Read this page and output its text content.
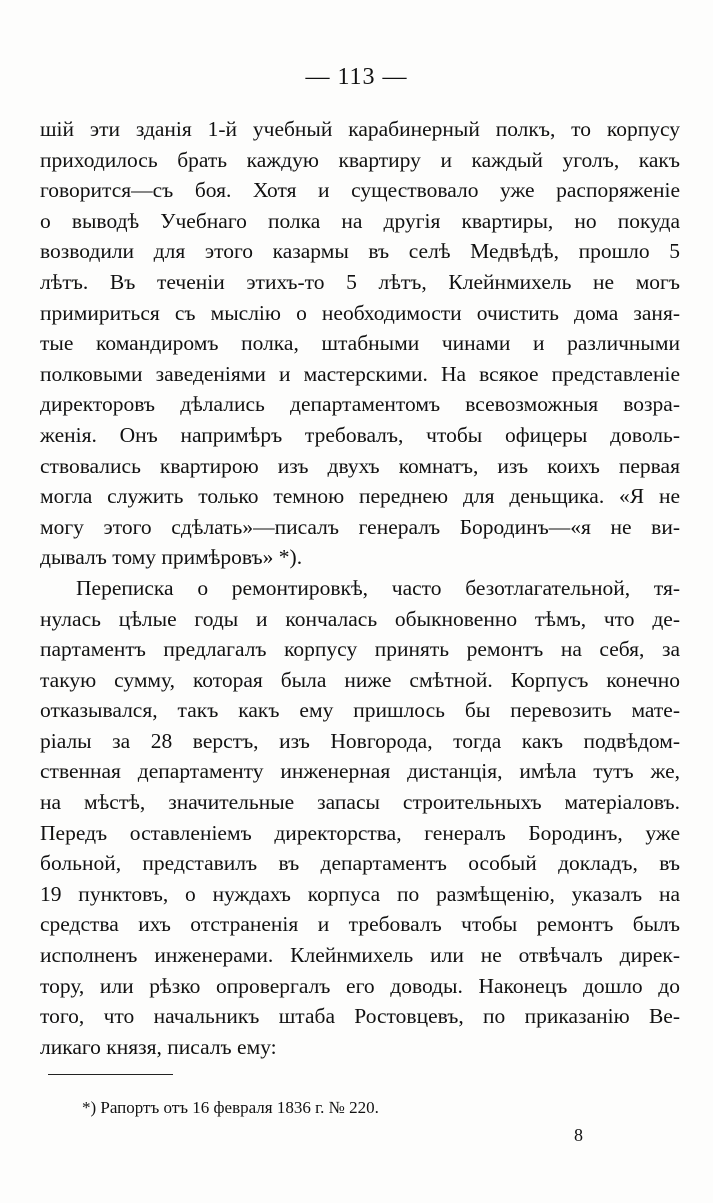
— 113 —
шій эти зданія 1-й учебный карабинерный полкъ, то корпусу
приходилось брать каждую квартиру и каждый уголъ, какъ
говорится—съ боя. Хотя и существовало уже распоряженіе
о выводѣ Учебнаго полка на другія квартиры, но покуда
возводили для этого казармы въ селѣ Медвѣдѣ, прошло 5
лѣтъ. Въ теченіи этихъ-то 5 лѣтъ, Клейнмихель не могъ
примириться съ мыслію о необходимости очистить дома заня-
тые командиромъ полка, штабными чинами и различными
полковыми заведеніями и мастерскими. На всякое представленіе
директоровъ дѣлались департаментомъ всевозможныя возра-
женія. Онъ напримѣръ требовалъ, чтобы офицеры доволь-
ствовались квартирою изъ двухъ комнатъ, изъ коихъ первая
могла служить только темною переднею для деньщика. «Я не
могу этого сдѣлать»—писалъ генералъ Бородинъ—«я не ви-
дывалъ тому примѣровъ» *).
Переписка о ремонтировкѣ, часто безотлагательной, тя-
нулась цѣлые годы и кончалась обыкновенно тѣмъ, что де-
партаментъ предлагалъ корпусу принять ремонтъ на себя, за
такую сумму, которая была ниже смѣтной. Корпусъ конечно
отказывался, такъ какъ ему пришлось бы перевозить мате-
ріалы за 28 верстъ, изъ Новгорода, тогда какъ подвѣдом-
ственная департаменту инженерная дистанція, имѣла тутъ же,
на мѣстѣ, значительные запасы строительныхъ матеріаловъ.
Передъ оставленіемъ директорства, генералъ Бородинъ, уже
больной, представилъ въ департаментъ особый докладъ, въ
19 пунктовъ, о нуждахъ корпуса по размѣщенію, указалъ на
средства ихъ отстраненія и требовалъ чтобы ремонтъ былъ
исполненъ инженерами. Клейнмихель или не отвѣчалъ дирек-
тору, или рѣзко опровергалъ его доводы. Наконецъ дошло до
того, что начальникъ штаба Ростовцевъ, по приказанію Ве-
ликаго князя, писалъ ему:
*) Рапортъ отъ 16 февраля 1836 г. № 220.
8
